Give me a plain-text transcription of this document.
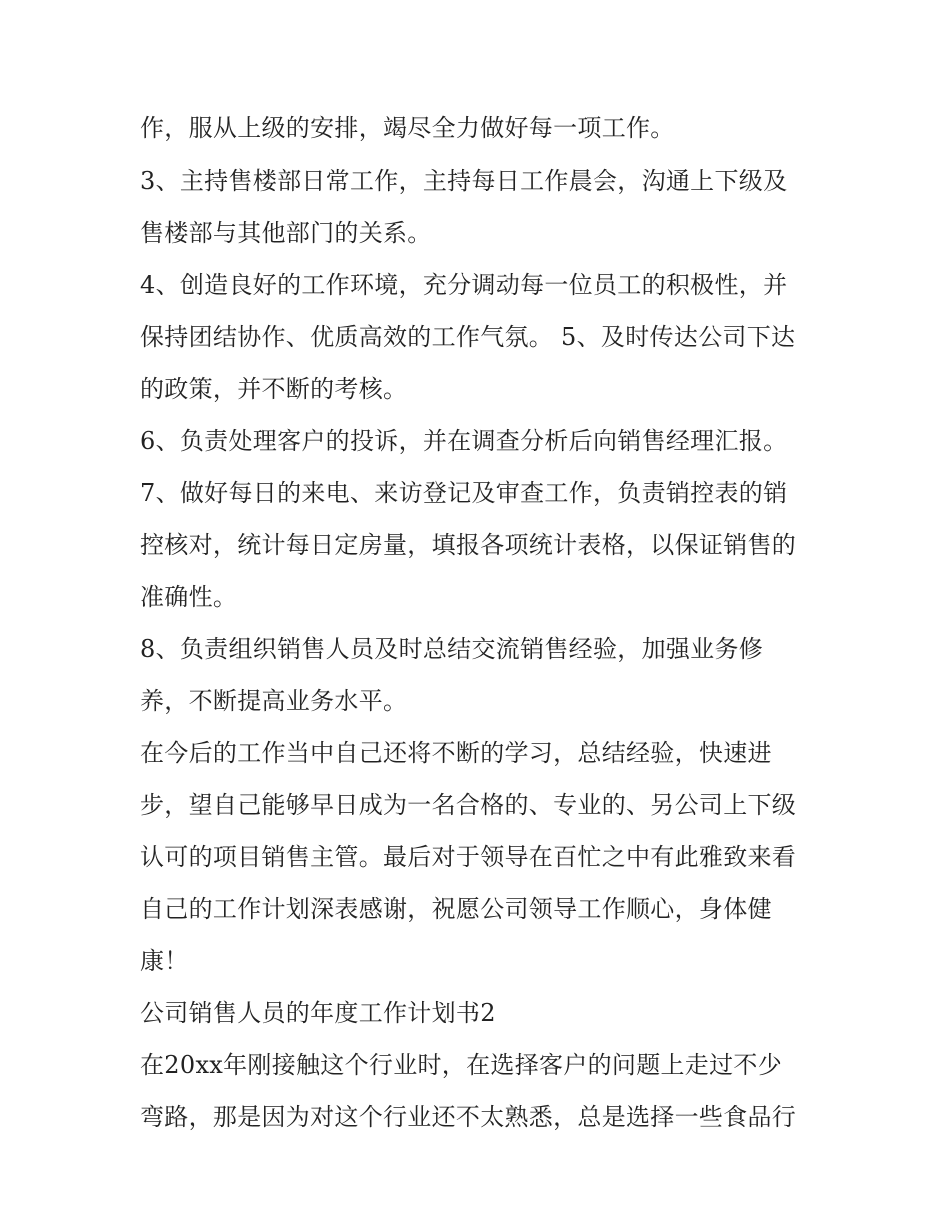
作，服从上级的安排，竭尽全力做好每一项工作。
3、主持售楼部日常工作，主持每日工作晨会，沟通上下级及
售楼部与其他部门的关系。
4、创造良好的工作环境，充分调动每一位员工的积极性，并
保持团结协作、优质高效的工作气氛。 5、及时传达公司下达
的政策，并不断的考核。
6、负责处理客户的投诉，并在调查分析后向销售经理汇报。
7、做好每日的来电、来访登记及审查工作，负责销控表的销
控核对，统计每日定房量，填报各项统计表格，以保证销售的
准确性。
8、负责组织销售人员及时总结交流销售经验，加强业务修
养，不断提高业务水平。
在今后的工作当中自己还将不断的学习，总结经验，快速进
步，望自己能够早日成为一名合格的、专业的、另公司上下级
认可的项目销售主管。最后对于领导在百忙之中有此雅致来看
自己的工作计划深表感谢，祝愿公司领导工作顺心，身体健
康！
公司销售人员的年度工作计划书2
在20xx年刚接触这个行业时，在选择客户的问题上走过不少
弯路，那是因为对这个行业还不太熟悉，总是选择一些食品行
